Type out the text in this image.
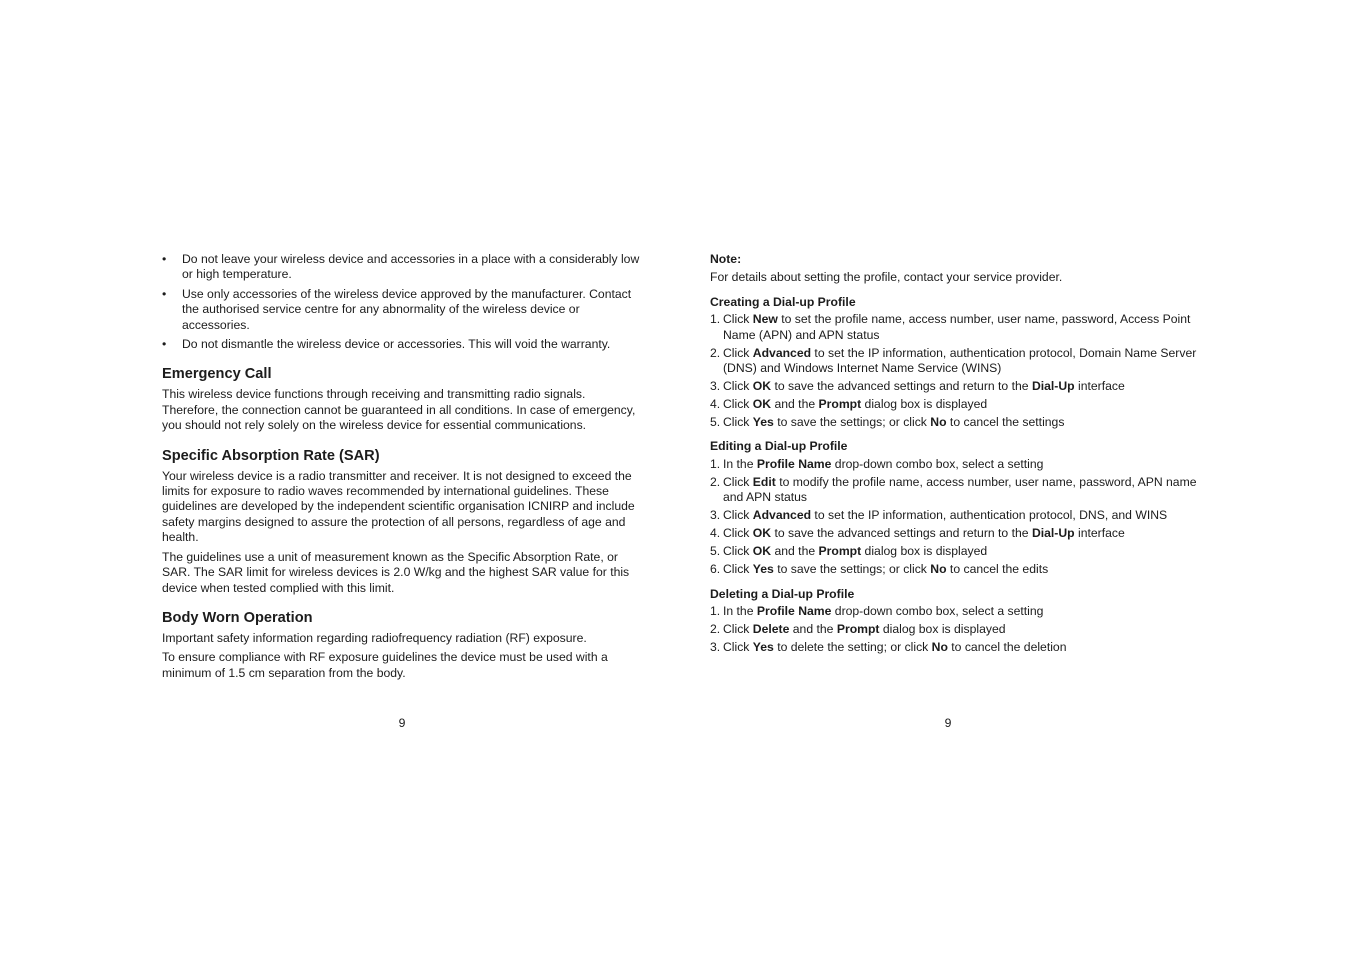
• Do not leave your wireless device and accessories in a place with a considerably low or high temperature.
• Use only accessories of the wireless device approved by the manufacturer. Contact the authorised service centre for any abnormality of the wireless device or accessories.
• Do not dismantle the wireless device or accessories. This will void the warranty.
Emergency Call

This wireless device functions through receiving and transmitting radio signals. Therefore, the connection cannot be guaranteed in all conditions. In case of emergency, you should not rely solely on the wireless device for essential communications.

Specific Absorption Rate (SAR)

Your wireless device is a radio transmitter and receiver. It is not designed to exceed the limits for exposure to radio waves recommended by international guidelines. These guidelines are developed by the independent scientific organisation ICNIRP and include safety margins designed to assure the protection of all persons, regardless of age and health.

The guidelines use a unit of measurement known as the Specific Absorption Rate, or SAR. The SAR limit for wireless devices is 2.0 W/kg and the highest SAR value for this device when tested complied with this limit.

Body Worn Operation

Important safety information regarding radiofrequency radiation (RF) exposure.

To ensure compliance with RF exposure guidelines the device must be used with a minimum of 1.5 cm separation from the body.

Note:

For details about setting the profile, contact your service provider.

Creating a Dial-up Profile
1. Click New to set the profile name, access number, user name, password, Access Point Name (APN) and APN status
2. Click Advanced to set the IP information, authentication protocol, Domain Name Server (DNS) and Windows Internet Name Service (WINS)
3. Click OK to save the advanced settings and return to the Dial-Up interface
4. Click OK and the Prompt dialog box is displayed
5. Click Yes to save the settings; or click No to cancel the settings
Editing a Dial-up Profile
1. In the Profile Name drop-down combo box, select a setting
2. Click Edit to modify the profile name, access number, user name, password, APN name and APN status
3. Click Advanced to set the IP information, authentication protocol, DNS, and WINS
4. Click OK to save the advanced settings and return to the Dial-Up interface
5. Click OK and the Prompt dialog box is displayed
6. Click Yes to save the settings; or click No to cancel the edits
Deleting a Dial-up Profile
1. In the Profile Name drop-down combo box, select a setting
2. Click Delete and the Prompt dialog box is displayed
3. Click Yes to delete the setting; or click No to cancel the deletion
9	9
